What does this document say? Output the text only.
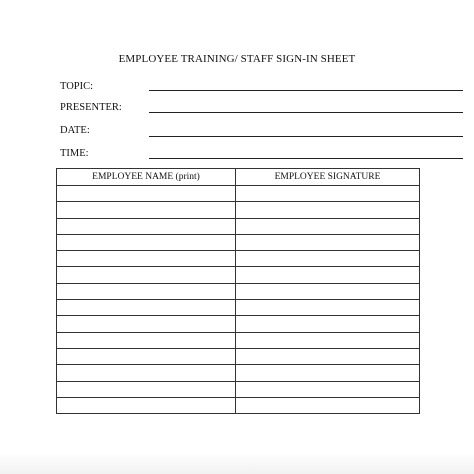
EMPLOYEE TRAINING/ STAFF SIGN-IN SHEET
TOPIC:
PRESENTER:
DATE:
TIME:
EMPLOYEE NAME (print)	EMPLOYEE SIGNATURE
